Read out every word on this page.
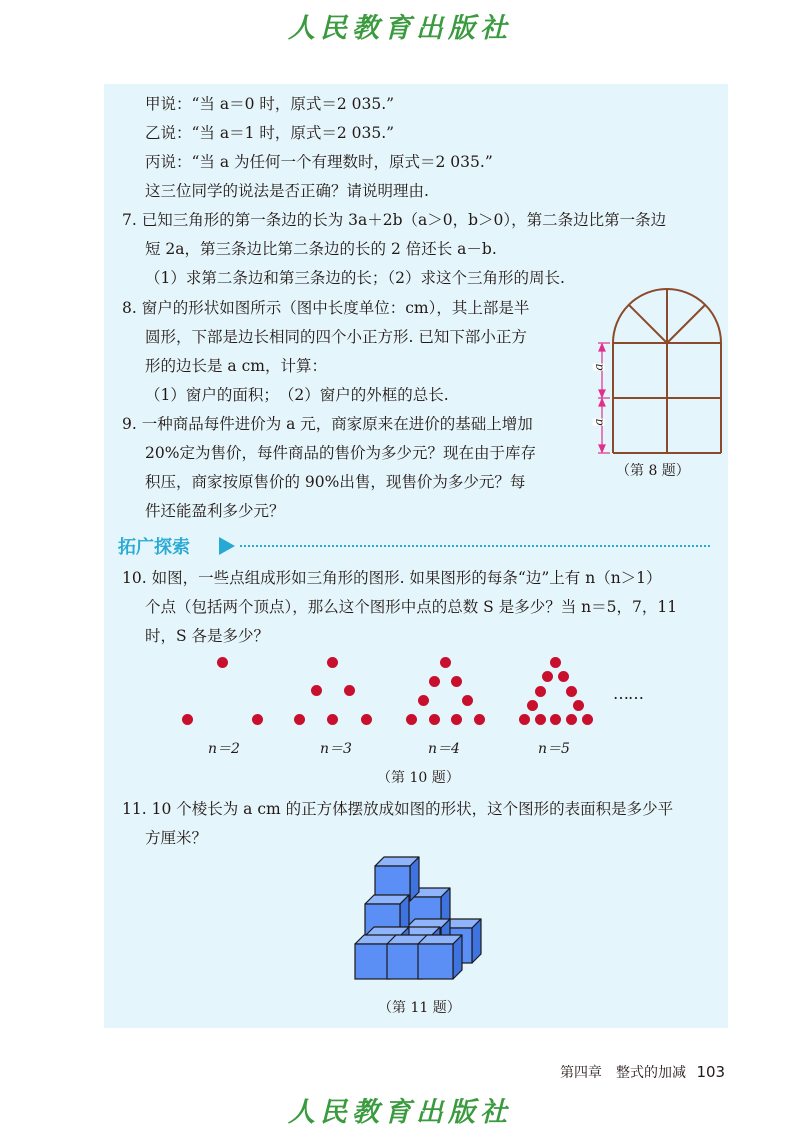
人民教育出版社
甲说：“当 a＝0 时，原式＝2 035.”
乙说：“当 a＝1 时，原式＝2 035.”
丙说：“当 a 为任何一个有理数时，原式＝2 035.”
这三位同学的说法是否正确？请说明理由.
7. 已知三角形的第一条边的长为 3a＋2b（a＞0，b＞0），第二条边比第一条边
短 2a，第三条边比第二条边的长的 2 倍还长 a－b.
（1）求第二条边和第三条边的长；（2）求这个三角形的周长.
8. 窗户的形状如图所示（图中长度单位：cm），其上部是半
圆形，下部是边长相同的四个小正方形. 已知下部小正方
形的边长是 a cm，计算：
（1）窗户的面积；　（2）窗户的外框的总长.
9. 一种商品每件进价为 a 元，商家原来在进价的基础上增加
20%定为售价，每件商品的售价为多少元？现在由于库存
积压，商家按原售价的 90%出售，现售价为多少元？每
件还能盈利多少元？
拓广探索
10. 如图，一些点组成形如三角形的图形. 如果图形的每条“边”上有 n（n＞1）
个点（包括两个顶点），那么这个图形中点的总数 S 是多少？当 n＝5，7，11
时，S 各是多少？
……
n＝2	n＝3	n＝4	n＝5
（第 10 题）
11. 10 个棱长为 a cm 的正方体摆放成如图的形状，这个图形的表面积是多少平
方厘米？
a
a
（第 8 题）
（第 11 题）
第四章　整式的加减 103
人民教育出版社
